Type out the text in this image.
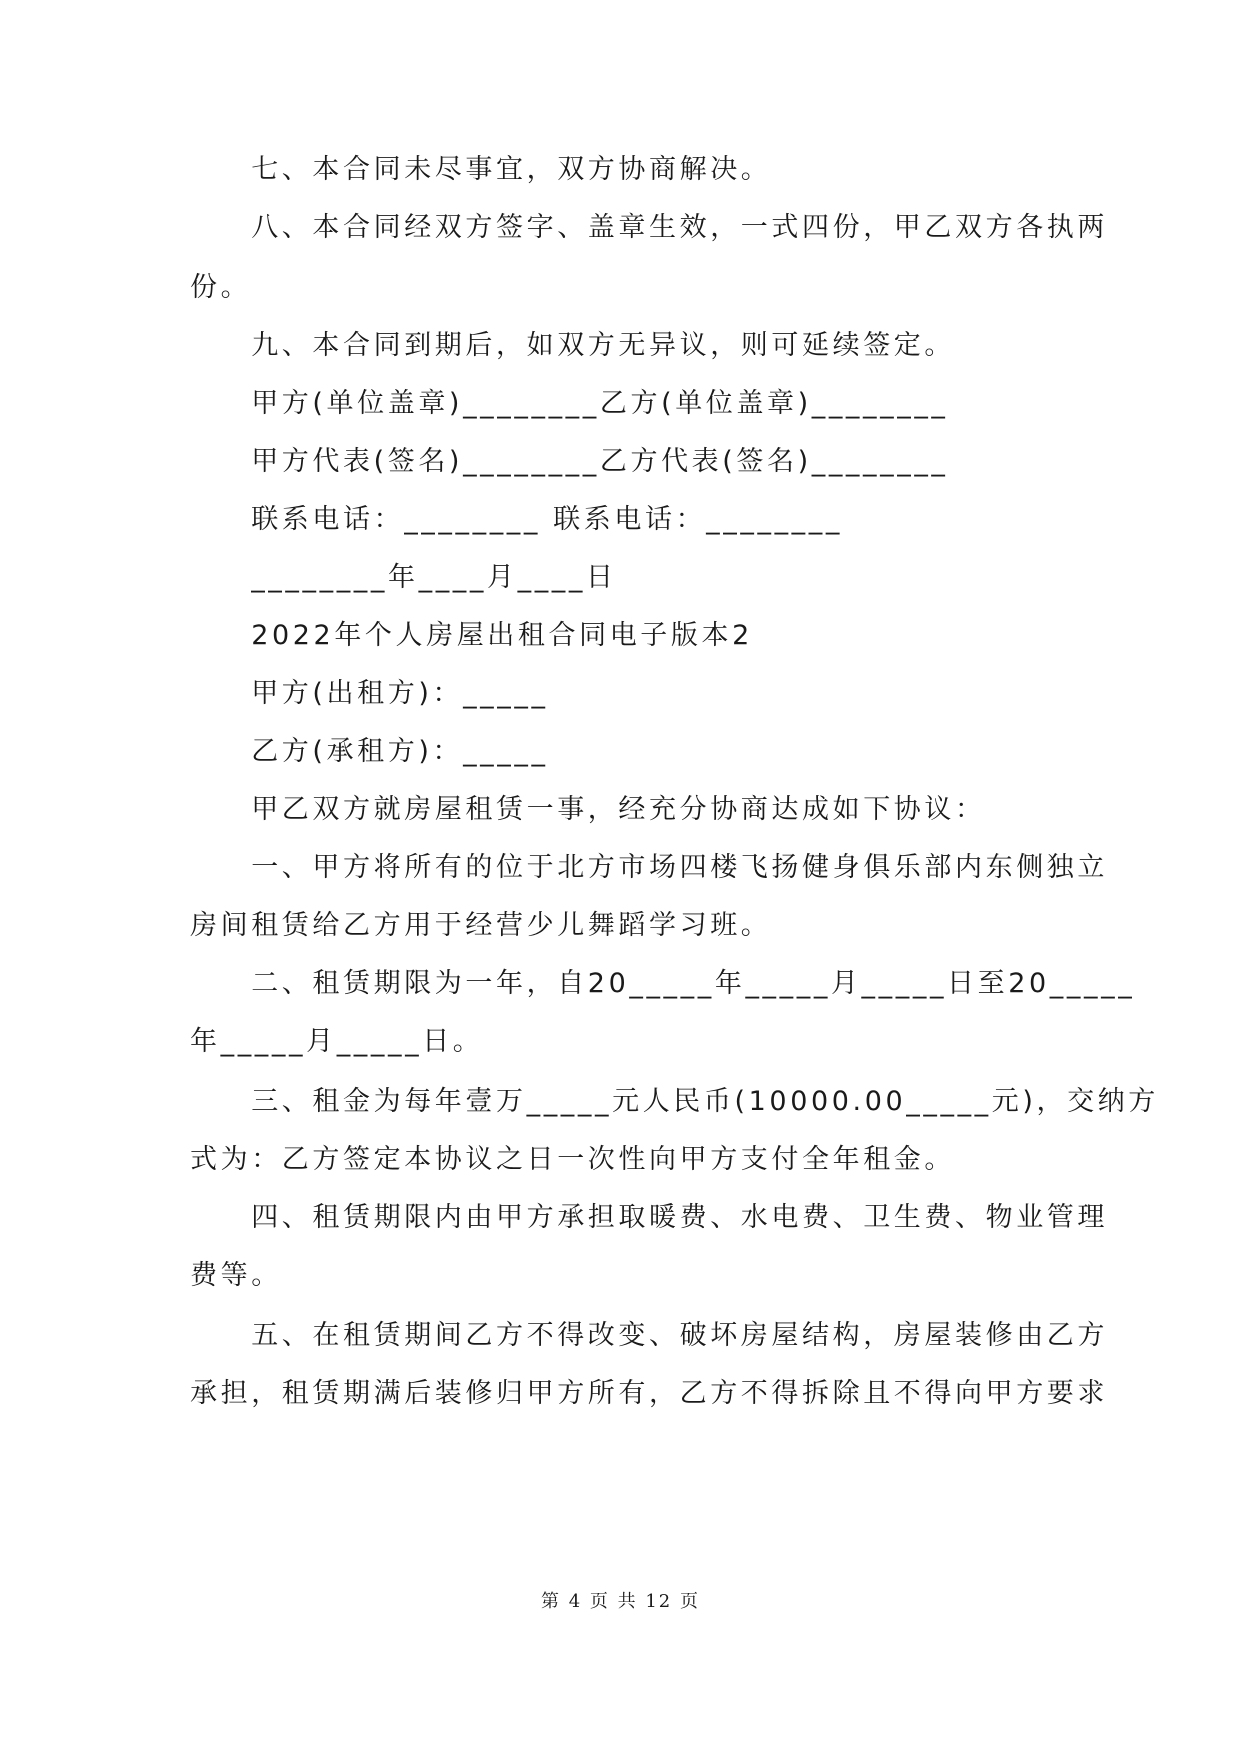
　　七、本合同未尽事宜，双方协商解决。
　　八、本合同经双方签字、盖章生效，一式四份，甲乙双方各执两
份。
　　九、本合同到期后，如双方无异议，则可延续签定。
　　甲方(单位盖章)________乙方(单位盖章)________
　　甲方代表(签名)________乙方代表(签名)________
　　联系电话：________ 联系电话：________
　　________年____月____日
　　2022年个人房屋出租合同电子版本2
　　甲方(出租方)：_____
　　乙方(承租方)：_____
　　甲乙双方就房屋租赁一事，经充分协商达成如下协议：
　　一、甲方将所有的位于北方市场四楼飞扬健身俱乐部内东侧独立
房间租赁给乙方用于经营少儿舞蹈学习班。
　　二、租赁期限为一年，自20_____年_____月_____日至20_____
年_____月_____日。
　　三、租金为每年壹万_____元人民币(10000.00_____元)，交纳方
式为：乙方签定本协议之日一次性向甲方支付全年租金。
　　四、租赁期限内由甲方承担取暖费、水电费、卫生费、物业管理
费等。
　　五、在租赁期间乙方不得改变、破坏房屋结构，房屋装修由乙方
承担，租赁期满后装修归甲方所有，乙方不得拆除且不得向甲方要求
第 4 页 共 12 页
